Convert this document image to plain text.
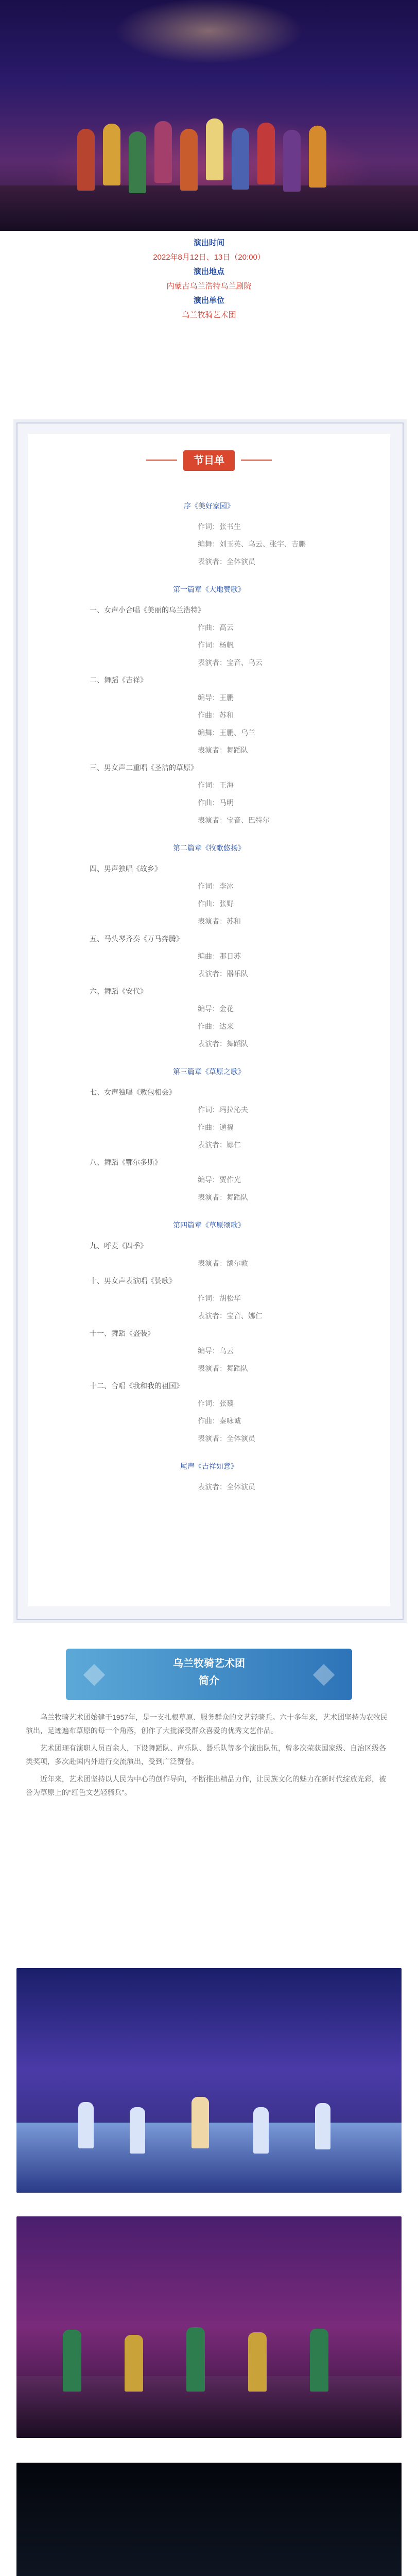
演出时间
2022年8月12日、13日（20:00）
演出地点
内蒙古乌兰浩特乌兰剧院
演出单位
乌兰牧骑艺术团
节目单
序《美好家园》
作词：张书生
编舞：刘玉英、乌云、张宇、吉鹏
表演者：全体演员
第一篇章《大地赞歌》
一、女声小合唱《美丽的乌兰浩特》
作曲：高云
作词：杨帆
表演者：宝音、乌云
二、舞蹈《吉祥》
编导：王鹏
作曲：苏和
编舞：王鹏、乌兰
表演者：舞蹈队
三、男女声二重唱《圣洁的草原》
作词：王海
作曲：马明
表演者：宝音、巴特尔
第二篇章《牧歌悠扬》
四、男声独唱《故乡》
作词：李冰
作曲：张野
表演者：苏和
五、马头琴齐奏《万马奔腾》
编曲：那日苏
表演者：器乐队
六、舞蹈《安代》
编导：金花
作曲：达来
表演者：舞蹈队
第三篇章《草原之歌》
七、女声独唱《敖包相会》
作词：玛拉沁夫
作曲：通福
表演者：娜仁
八、舞蹈《鄂尔多斯》
编导：贾作光
表演者：舞蹈队
第四篇章《草原颂歌》
九、呼麦《四季》
表演者：额尔敦
十、男女声表演唱《赞歌》
作词：胡松华
表演者：宝音、娜仁
十一、舞蹈《盛装》
编导：乌云
表演者：舞蹈队
十二、合唱《我和我的祖国》
作词：张藜
作曲：秦咏诚
表演者：全体演员
尾声《吉祥如意》
表演者：全体演员
乌兰牧骑艺术团
简介

乌兰牧骑艺术团始建于1957年，是一支扎根草原、服务群众的文艺轻骑兵。六十多年来，艺术团坚持为农牧民演出，足迹遍布草原的每一个角落，创作了大批深受群众喜爱的优秀文艺作品。

艺术团现有演职人员百余人，下设舞蹈队、声乐队、器乐队等多个演出队伍，曾多次荣获国家级、自治区级各类奖项，多次赴国内外进行交流演出，受到广泛赞誉。

近年来，艺术团坚持以人民为中心的创作导向，不断推出精品力作，让民族文化的魅力在新时代绽放光彩，被誉为草原上的“红色文艺轻骑兵”。
